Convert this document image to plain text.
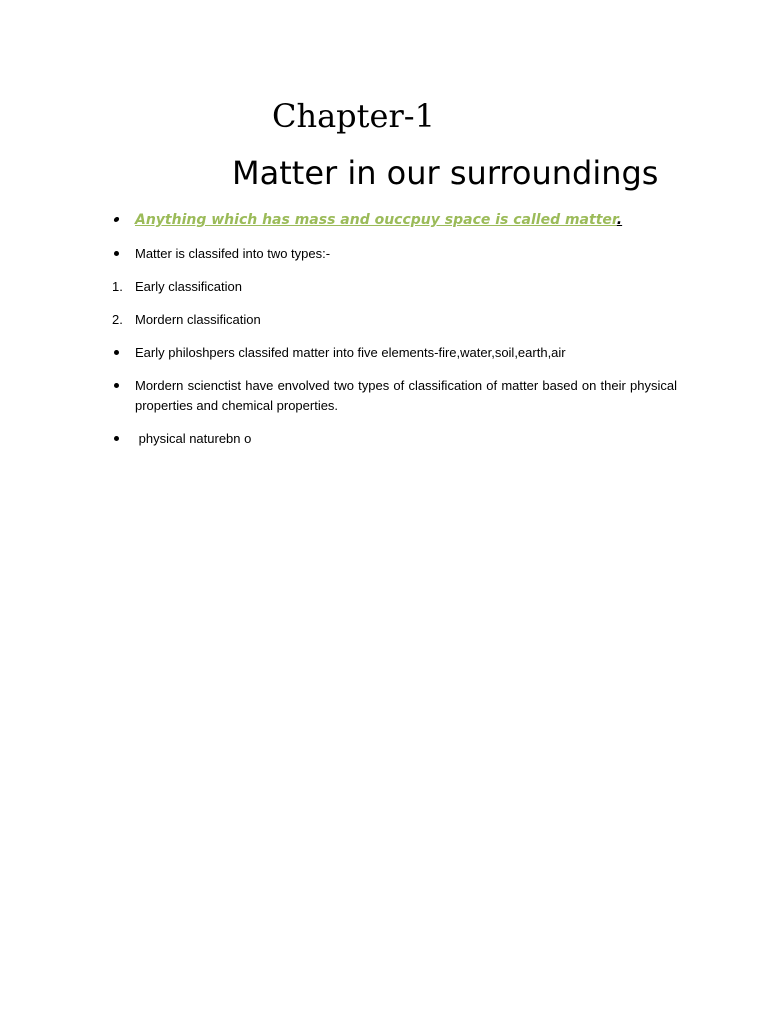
Chapter-1
Matter in our surroundings
Anything which has mass and ouccpuy space is called matter.
Matter is classifed into two types:-
1. Early classification
2. Mordern classification
Early philoshpers classifed matter into five elements-fire,water,soil,earth,air
Mordern scienctist have envolved two types of classification of matter based on their physical properties and chemical properties.
physical naturebn o
